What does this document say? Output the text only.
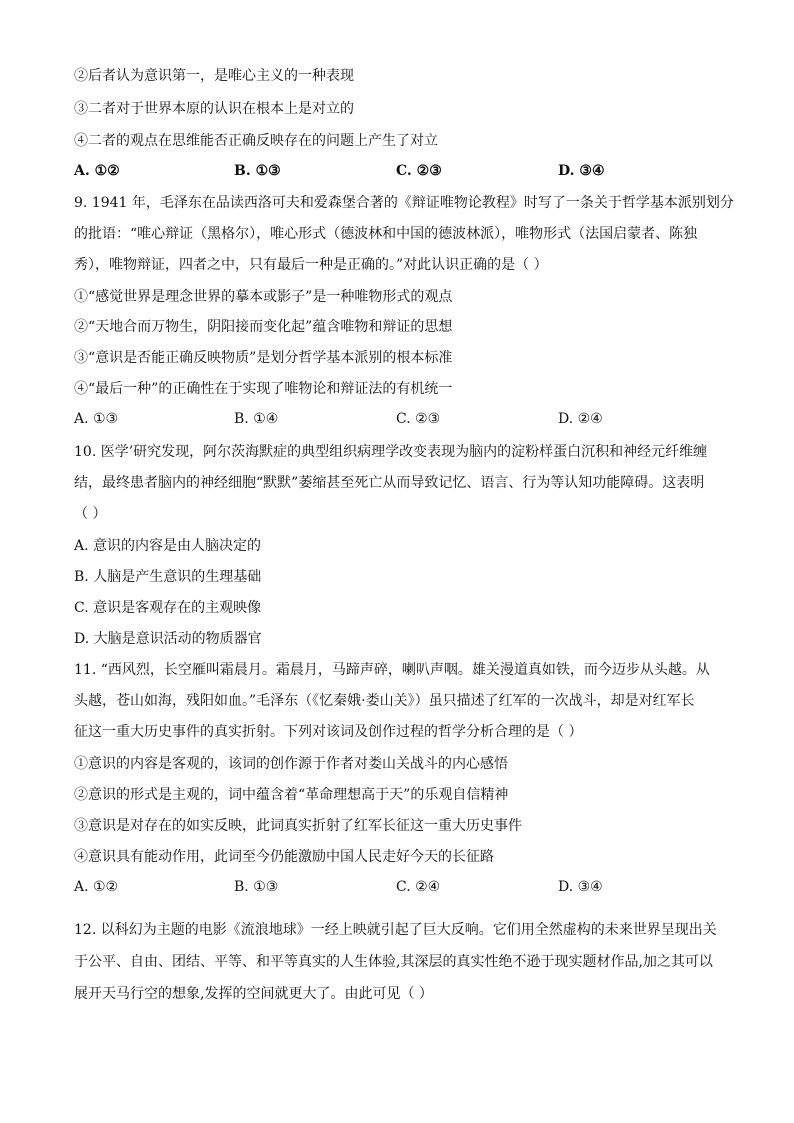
②后者认为意识第一，是唯心主义的一种表现
③二者对于世界本原的认识在根本上是对立的
④二者的观点在思维能否正确反映存在的问题上产生了对立
A. ①②	B. ①③	C. ②③	D. ③④
9. 1941 年，毛泽东在品读西洛可夫和爱森堡合著的《辩证唯物论教程》时写了一条关于哲学基本派别划分
的批语：“唯心辩证（黑格尔），唯心形式（德波林和中国的德波林派），唯物形式（法国启蒙者、陈独
秀），唯物辩证，四者之中，只有最后一种是正确的。”对此认识正确的是（ ）
①“感觉世界是理念世界的摹本或影子”是一种唯物形式的观点
②“天地合而万物生，阴阳接而变化起”蕴含唯物和辩证的思想
③“意识是否能正确反映物质”是划分哲学基本派别的根本标准
④“最后一种”的正确性在于实现了唯物论和辩证法的有机统一
A. ①③	B. ①④	C. ②③	D. ②④
10. 医学’研究发现，阿尔茨海默症的典型组织病理学改变表现为脑内的淀粉样蛋白沉积和神经元纤维缠
结，最终患者脑内的神经细胞“默默”萎缩甚至死亡从而导致记忆、语言、行为等认知功能障碍。这表明
（ ）
A. 意识的内容是由人脑决定的
B. 人脑是产生意识的生理基础
C. 意识是客观存在的主观映像
D. 大脑是意识活动的物质器官
11. “西风烈，长空雁叫霜晨月。霜晨月，马蹄声碎，喇叭声咽。雄关漫道真如铁，而今迈步从头越。从
头越，苍山如海，残阳如血。”毛泽东（《忆秦娥·娄山关》）虽只描述了红军的一次战斗，却是对红军长
征这一重大历史事件的真实折射。下列对该词及创作过程的哲学分析合理的是（ ）
①意识的内容是客观的，该词的创作源于作者对娄山关战斗的内心感悟
②意识的形式是主观的，词中蕴含着“革命理想高于天”的乐观自信精神
③意识是对存在的如实反映，此词真实折射了红军长征这一重大历史事件
④意识具有能动作用，此词至今仍能激励中国人民走好今天的长征路
A. ①②	B. ①③	C. ②④	D. ③④
12. 以科幻为主题的电影《流浪地球》一经上映就引起了巨大反响。它们用全然虚构的未来世界呈现出关
于公平、自由、团结、平等、和平等真实的人生体验,其深层的真实性绝不逊于现实题材作品,加之其可以
展开天马行空的想象,发挥的空间就更大了。由此可见（ ）
